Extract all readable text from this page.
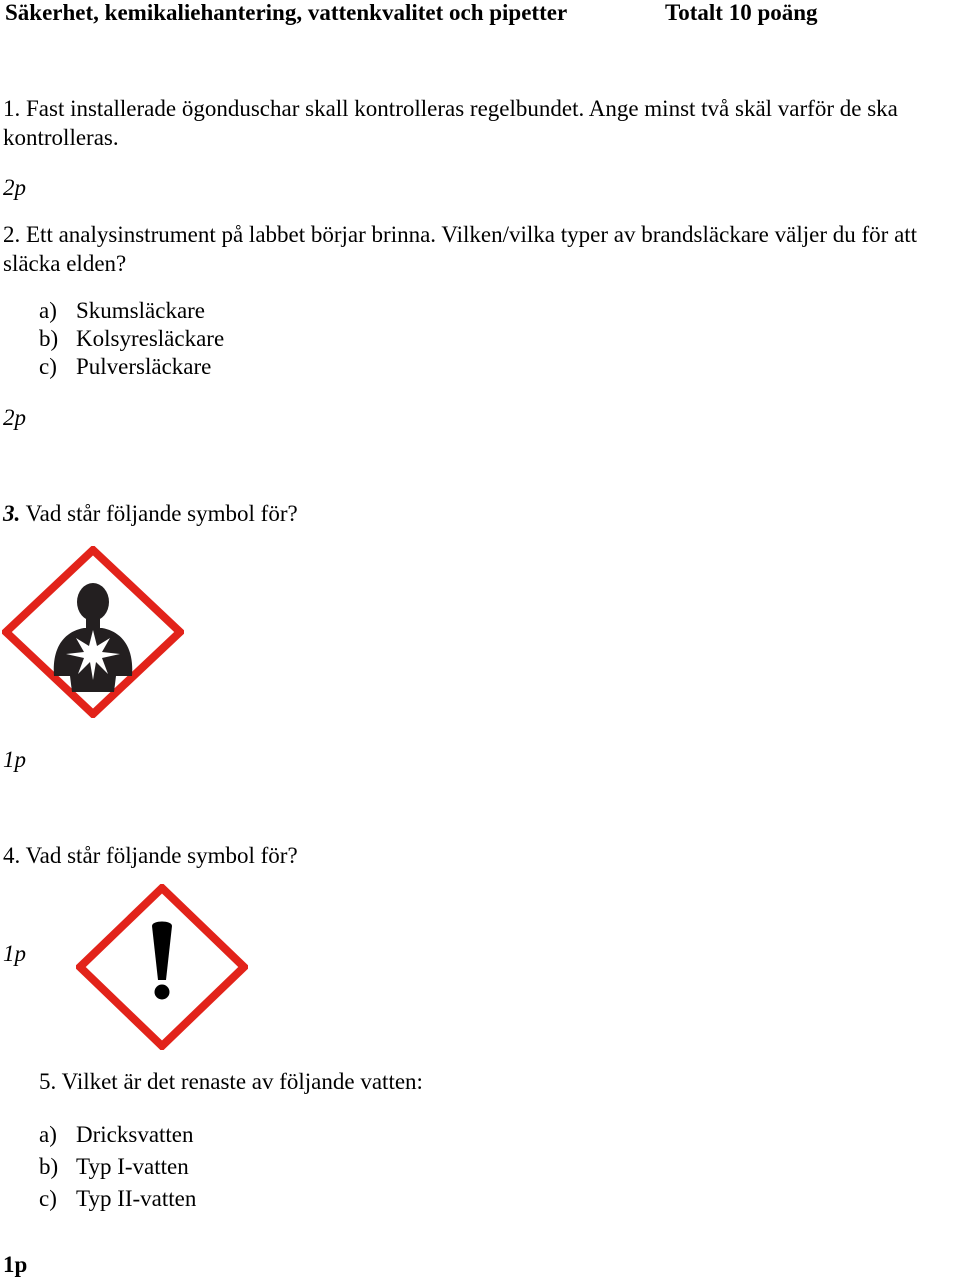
Säkerhet, kemikaliehantering, vattenkvalitet och pipetter	Totalt 10 poäng
1. Fast installerade ögonduschar skall kontrolleras regelbundet. Ange minst två skäl varför de ska kontrolleras.
2p
2. Ett analysinstrument på labbet börjar brinna. Vilken/vilka typer av brandsläckare väljer du för att släcka elden?
a) Skumsläckare
b) Kolsyresläckare
c) Pulversläckare
2p
3. Vad står följande symbol för?
1p
4. Vad står följande symbol för?
1p
5. Vilket är det renaste av följande vatten:
a) Dricksvatten
b) Typ I-vatten
c) Typ II-vatten
1p
